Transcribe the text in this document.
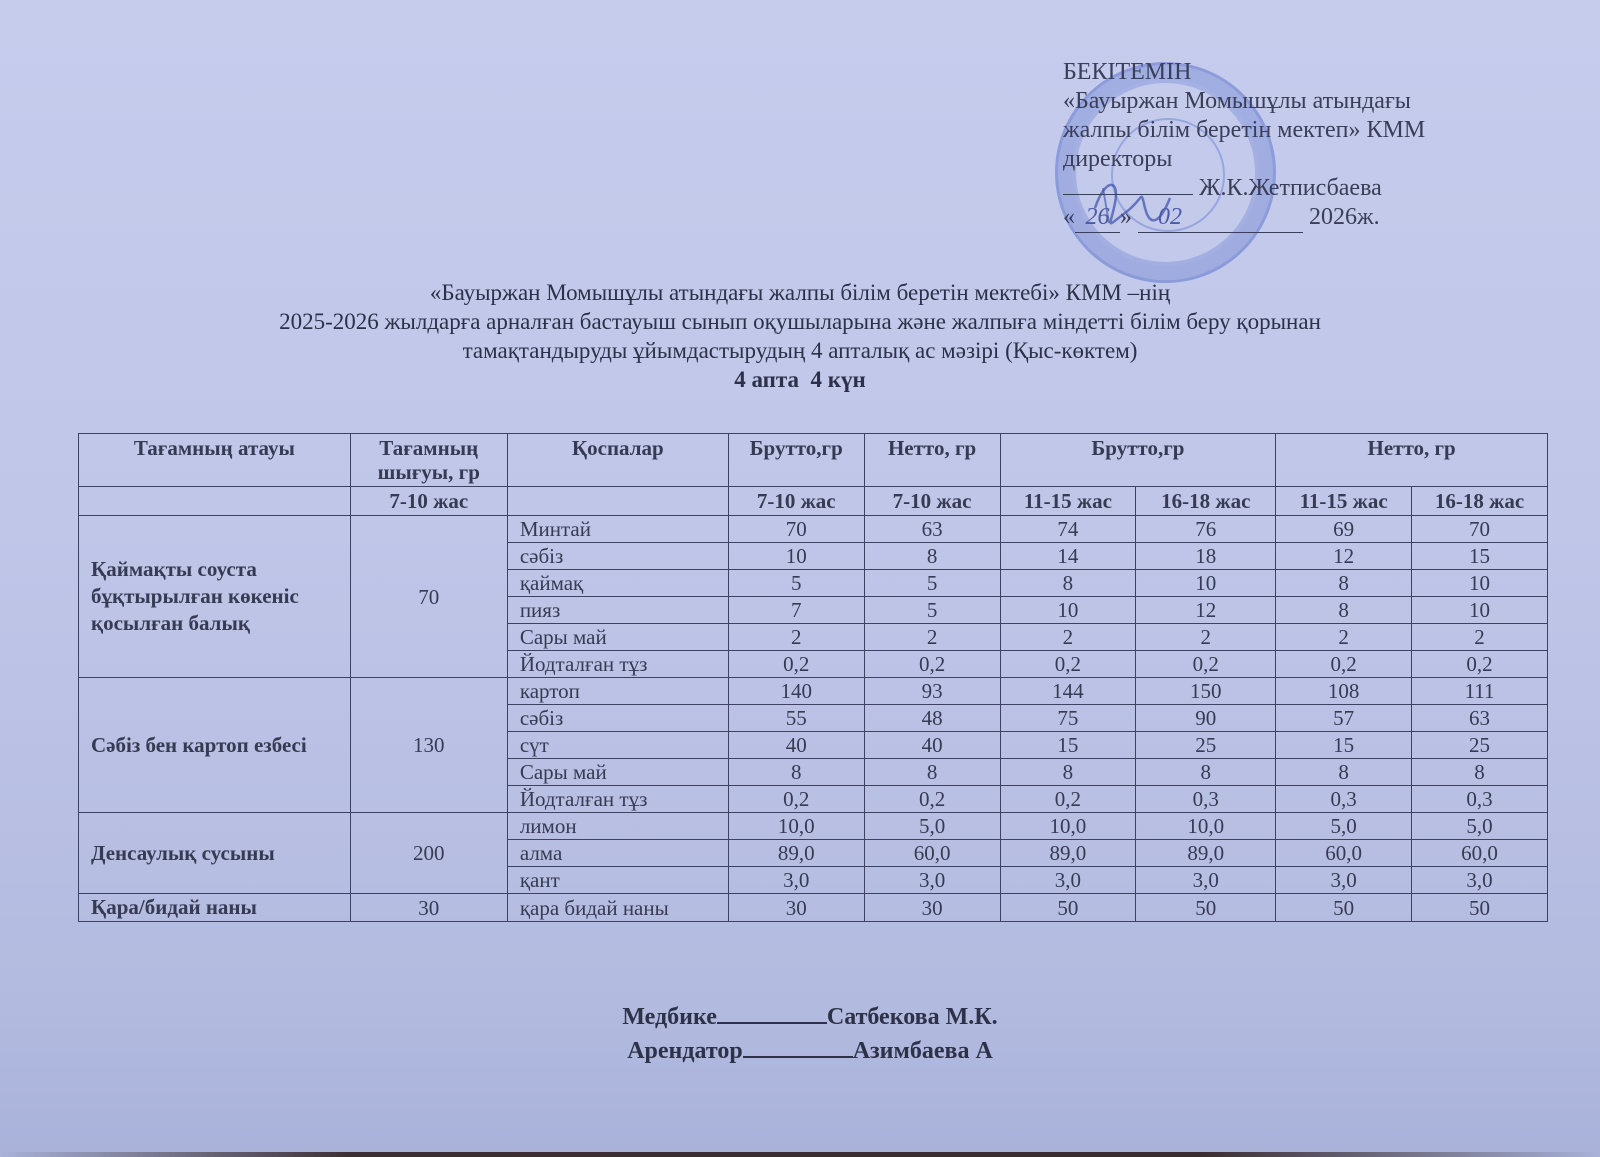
БЕКІТЕМІН
«Бауыржан Момышұлы атындағы
жалпы білім беретін мектеп» КММ
директоры
Ж.К.Жетписбаева
« 26 » 02	2026ж.
«Бауыржан Момышұлы атындағы жалпы білім беретін мектебі» КММ –нің
2025-2026 жылдарға арналған бастауыш сынып оқушыларына және жалпыға міндетті білім беру қорынан
тамақтандыруды ұйымдастырудың 4 апталық ас мәзірі (Қыс-көктем)
4 апта  4 күн
Тағамның атауы	Тағамның шығуы, гр	Қоспалар	Брутто,гр	Нетто, гр	Брутто,гр		Нетто, гр	
	7-10 жас		7-10 жас	7-10 жас	11-15 жас	16-18 жас	11-15 жас	16-18 жас
Қаймақты соуста бұқтырылған көкеніс қосылған балық	70	Минтай	70	63	74	76	69	70
		сәбіз	10	8	14	18	12	15
		қаймақ	5	5	8	10	8	10
		пияз	7	5	10	12	8	10
		Сары май	2	2	2	2	2	2
		Йодталған тұз	0,2	0,2	0,2	0,2	0,2	0,2
Сәбіз бен картоп езбесі	130	картоп	140	93	144	150	108	111
		сәбіз	55	48	75	90	57	63
		сүт	40	40	15	25	15	25
		Сары май	8	8	8	8	8	8
		Йодталған тұз	0,2	0,2	0,2	0,3	0,3	0,3
Денсаулық сусыны	200	лимон	10,0	5,0	10,0	10,0	5,0	5,0
		алма	89,0	60,0	89,0	89,0	60,0	60,0
		қант	3,0	3,0	3,0	3,0	3,0	3,0
Қара/бидай наны	30	қара бидай наны	30	30	50	50	50	50
Медбике	Сатбекова М.К.
Арендатор	Азимбаева А
